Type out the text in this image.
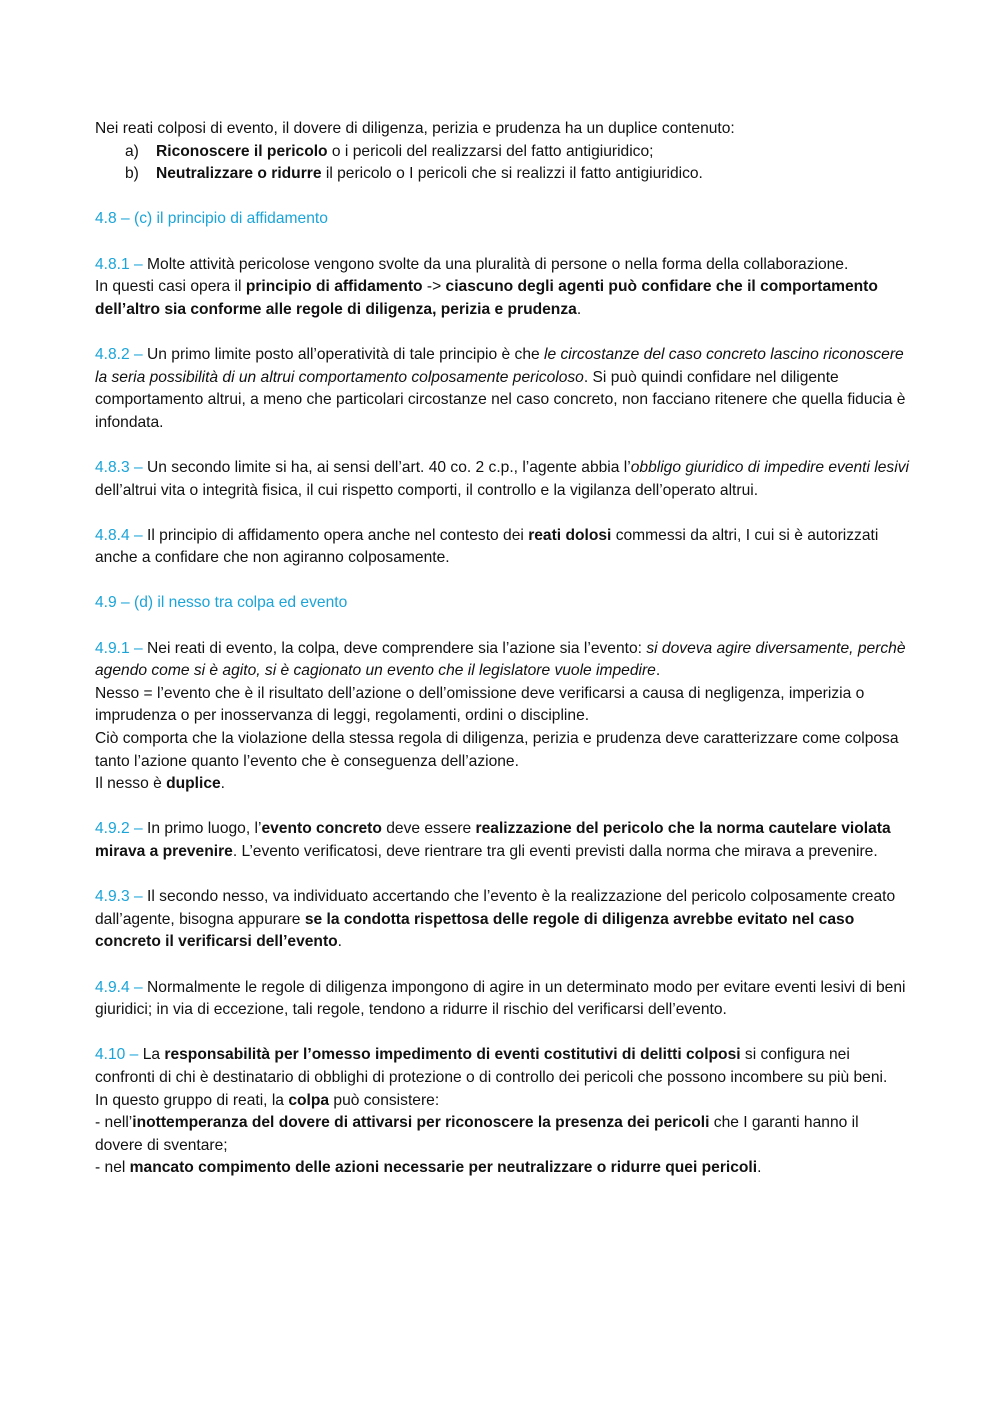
Nei reati colposi di evento, il dovere di diligenza, perizia e prudenza ha un duplice contenuto:

a) Riconoscere il pericolo o i pericoli del realizzarsi del fatto antigiuridico;
b) Neutralizzare o ridurre il pericolo o I pericoli che si realizzi il fatto antigiuridico.

4.8 – (c) il principio di affidamento

4.8.1 – Molte attività pericolose vengono svolte da una pluralità di persone o nella forma della collaborazione.

In questi casi opera il principio di affidamento -> ciascuno degli agenti può confidare che il comportamento dell’altro sia conforme alle regole di diligenza, perizia e prudenza.

4.8.2 – Un primo limite posto all’operatività di tale principio è che le circostanze del caso concreto lascino riconoscere la seria possibilità di un altrui comportamento colposamente pericoloso. Si può quindi confidare nel diligente comportamento altrui, a meno che particolari circostanze nel caso concreto, non facciano ritenere che quella fiducia è infondata.

4.8.3 – Un secondo limite si ha, ai sensi dell’art. 40 co. 2 c.p., l’agente abbia l’obbligo giuridico di impedire eventi lesivi dell’altrui vita o integrità fisica, il cui rispetto comporti, il controllo e la vigilanza dell’operato altrui.

4.8.4 – Il principio di affidamento opera anche nel contesto dei reati dolosi commessi da altri, I cui si è autorizzati anche a confidare che non agiranno colposamente.

4.9 – (d) il nesso tra colpa ed evento

4.9.1 – Nei reati di evento, la colpa, deve comprendere sia l’azione sia l’evento: si doveva agire diversamente, perchè agendo come si è agito, si è cagionato un evento che il legislatore vuole impedire.

Nesso = l’evento che è il risultato dell’azione o dell’omissione deve verificarsi a causa di negligenza, imperizia o imprudenza o per inosservanza di leggi, regolamenti, ordini o discipline.

Ciò comporta che la violazione della stessa regola di diligenza, perizia e prudenza deve caratterizzare come colposa tanto l’azione quanto l’evento che è conseguenza dell’azione.

Il nesso è duplice.

4.9.2 – In primo luogo, l’evento concreto deve essere realizzazione del pericolo che la norma cautelare violata mirava a prevenire. L’evento verificatosi, deve rientrare tra gli eventi previsti dalla norma che mirava a prevenire.

4.9.3 – Il secondo nesso, va individuato accertando che l’evento è la realizzazione del pericolo colposamente creato dall’agente, bisogna appurare se la condotta rispettosa delle regole di diligenza avrebbe evitato nel caso concreto il verificarsi dell’evento.

4.9.4 – Normalmente le regole di diligenza impongono di agire in un determinato modo per evitare eventi lesivi di beni giuridici; in via di eccezione, tali regole, tendono a ridurre il rischio del verificarsi dell’evento.

4.10 – La responsabilità per l’omesso impedimento di eventi costitutivi di delitti colposi si configura nei confronti di chi è destinatario di obblighi di protezione o di controllo dei pericoli che possono incombere su più beni.

In questo gruppo di reati, la colpa può consistere:

- nell’inottemperanza del dovere di attivarsi per riconoscere la presenza dei pericoli che I garanti hanno il dovere di sventare;

- nel mancato compimento delle azioni necessarie per neutralizzare o ridurre quei pericoli.
